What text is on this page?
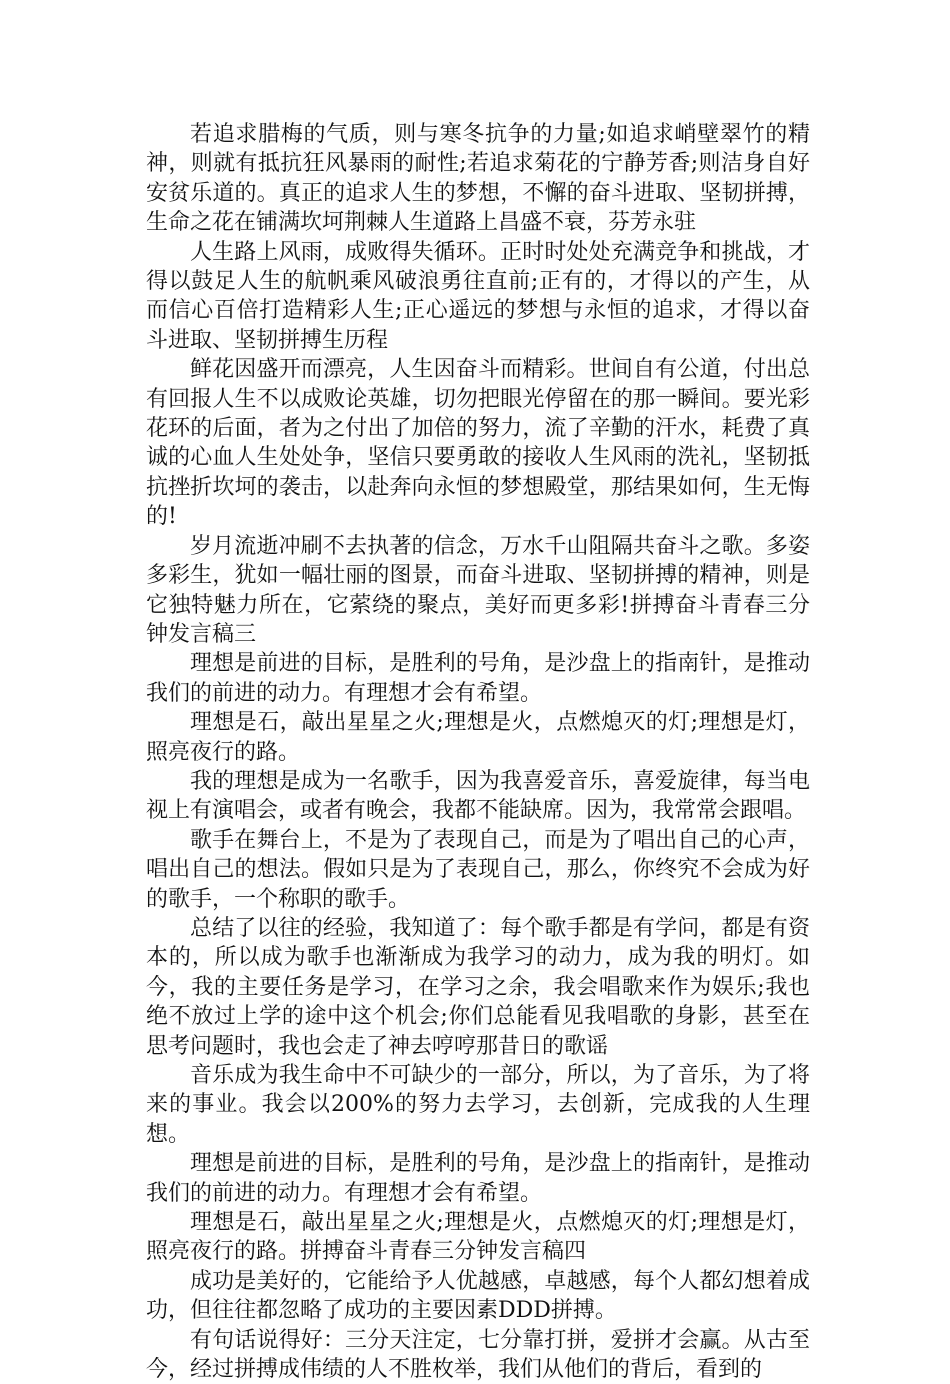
若追求腊梅的气质，则与寒冬抗争的力量;如追求峭壁翠竹的精神，则就有抵抗狂风暴雨的耐性;若追求菊花的宁静芳香;则洁身自好安贫乐道的。真正的追求人生的梦想，不懈的奋斗进取、坚韧拼搏，生命之花在铺满坎坷荆棘人生道路上昌盛不衰，芬芳永驻

人生路上风雨，成败得失循环。正时时处处充满竞争和挑战，才得以鼓足人生的航帆乘风破浪勇往直前;正有的，才得以的产生，从而信心百倍打造精彩人生;正心遥远的梦想与永恒的追求，才得以奋斗进取、坚韧拼搏生历程

鲜花因盛开而漂亮，人生因奋斗而精彩。世间自有公道，付出总有回报人生不以成败论英雄，切勿把眼光停留在的那一瞬间。要光彩花环的后面，者为之付出了加倍的努力，流了辛勤的汗水，耗费了真诚的心血人生处处争，坚信只要勇敢的接收人生风雨的洗礼，坚韧抵抗挫折坎坷的袭击，以赴奔向永恒的梦想殿堂，那结果如何，生无悔的!

岁月流逝冲刷不去执著的信念，万水千山阻隔共奋斗之歌。多姿多彩生，犹如一幅壮丽的图景，而奋斗进取、坚韧拼搏的精神，则是它独特魅力所在，它萦绕的聚点，美好而更多彩!拼搏奋斗青春三分钟发言稿三

理想是前进的目标，是胜利的号角，是沙盘上的指南针，是推动我们的前进的动力。有理想才会有希望。

理想是石，敲出星星之火;理想是火，点燃熄灭的灯;理想是灯，照亮夜行的路。

我的理想是成为一名歌手，因为我喜爱音乐，喜爱旋律，每当电视上有演唱会，或者有晚会，我都不能缺席。因为，我常常会跟唱。

歌手在舞台上，不是为了表现自己，而是为了唱出自己的心声，唱出自己的想法。假如只是为了表现自己，那么，你终究不会成为好的歌手，一个称职的歌手。

总结了以往的经验，我知道了：每个歌手都是有学问，都是有资本的，所以成为歌手也渐渐成为我学习的动力，成为我的明灯。如今，我的主要任务是学习，在学习之余，我会唱歌来作为娱乐;我也绝不放过上学的途中这个机会;你们总能看见我唱歌的身影，甚至在思考问题时，我也会走了神去哼哼那昔日的歌谣

音乐成为我生命中不可缺少的一部分，所以，为了音乐，为了将来的事业。我会以200%的努力去学习，去创新，完成我的人生理想。

理想是前进的目标，是胜利的号角，是沙盘上的指南针，是推动我们的前进的动力。有理想才会有希望。

理想是石，敲出星星之火;理想是火，点燃熄灭的灯;理想是灯，照亮夜行的路。拼搏奋斗青春三分钟发言稿四

成功是美好的，它能给予人优越感，卓越感，每个人都幻想着成功，但往往都忽略了成功的主要因素DDD拼搏。

有句话说得好：三分天注定，七分靠打拼，爱拼才会赢。从古至今，经过拼搏成伟绩的人不胜枚举，我们从他们的背后，看到的
